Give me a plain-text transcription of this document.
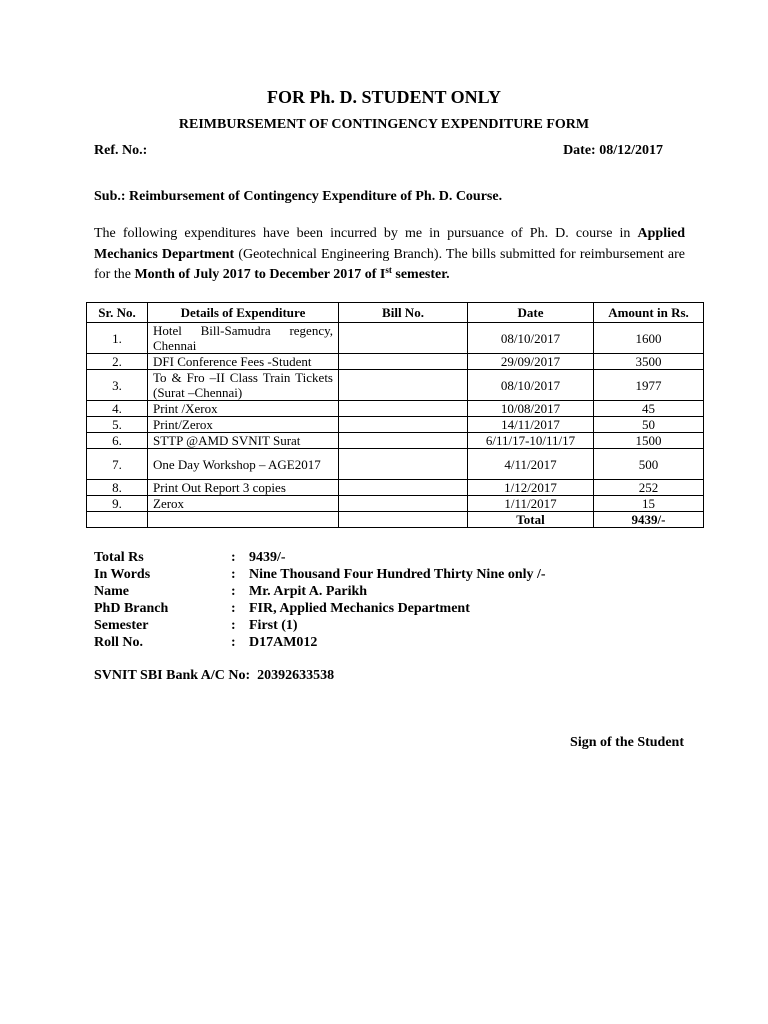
FOR Ph. D. STUDENT ONLY
REIMBURSEMENT OF CONTINGENCY EXPENDITURE FORM
Ref. No.:	Date: 08/12/2017
Sub.: Reimbursement of Contingency Expenditure of Ph. D. Course.
The following expenditures have been incurred by me in pursuance of Ph. D. course in Applied Mechanics Department (Geotechnical Engineering Branch). The bills submitted for reimbursement are for the Month of July 2017 to December 2017 of Ist semester.
Sr. No.	Details of Expenditure	Bill No.	Date	Amount in Rs.
1.	Hotel Bill-Samudra regency, Chennai		08/10/2017	1600
2.	DFI Conference Fees -Student		29/09/2017	3500
3.	To & Fro –II Class Train Tickets (Surat –Chennai)		08/10/2017	1977
4.	Print /Xerox		10/08/2017	45
5.	Print/Zerox		14/11/2017	50
6.	STTP @AMD SVNIT Surat		6/11/17-10/11/17	1500
7.	One Day Workshop – AGE2017		4/11/2017	500
8.	Print Out Report 3 copies		1/12/2017	252
9.	Zerox		1/11/2017	15
			Total	9439/-
Total Rs	: 9439/-
In Words	: Nine Thousand Four Hundred Thirty Nine only /-
Name	: Mr. Arpit A. Parikh
PhD Branch	: FIR, Applied Mechanics Department
Semester	: First (1)
Roll No.	: D17AM012
SVNIT SBI Bank A/C No:  20392633538
Sign of the Student
